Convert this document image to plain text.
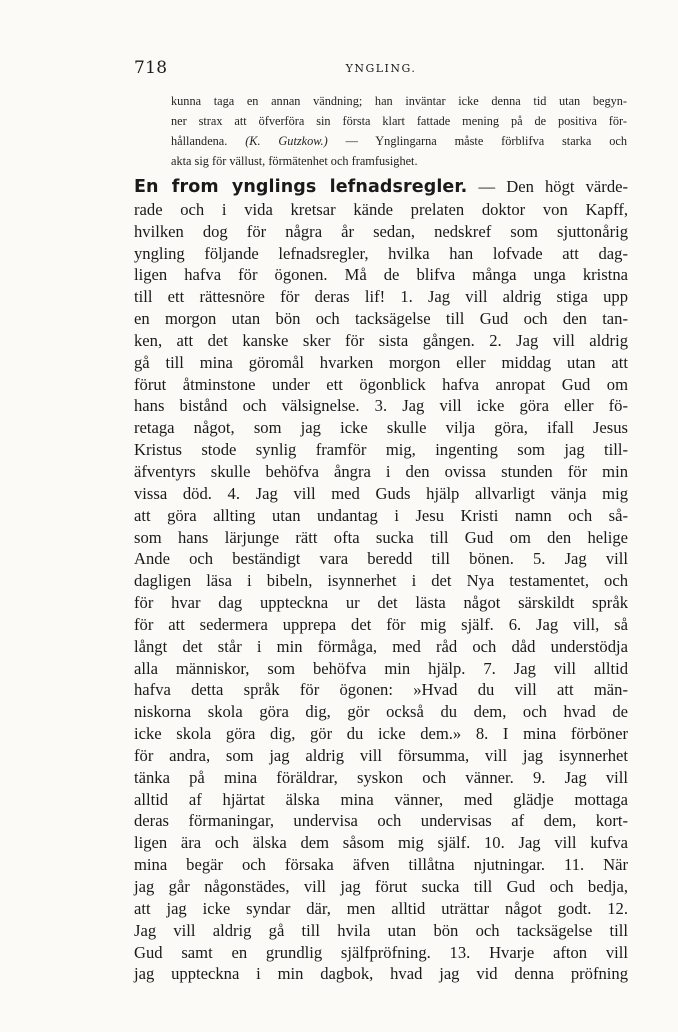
718	YNGLING.

kunna taga en annan vändning; han inväntar icke denna tid utan begyn-
ner strax att öfverföra sin första klart fattade mening på de positiva för-
hållandena. (K. Gutzkow.) — Ynglingarna måste förblifva starka och
akta sig för vällust, förmätenhet och framfusighet.

En from ynglings lefnadsregler. — Den högt värde-
rade och i vida kretsar kände prelaten doktor von Kapff,
hvilken dog för några år sedan, nedskref som sjuttonårig
yngling följande lefnadsregler, hvilka han lofvade att dag-
ligen hafva för ögonen. Må de blifva många unga kristna
till ett rättesnöre för deras lif! 1. Jag vill aldrig stiga upp
en morgon utan bön och tacksägelse till Gud och den tan-
ken, att det kanske sker för sista gången. 2. Jag vill aldrig
gå till mina göromål hvarken morgon eller middag utan att
förut åtminstone under ett ögonblick hafva anropat Gud om
hans bistånd och välsignelse. 3. Jag vill icke göra eller fö-
retaga något, som jag icke skulle vilja göra, ifall Jesus
Kristus stode synlig framför mig, ingenting som jag till-
äfventyrs skulle behöfva ångra i den ovissa stunden för min
vissa död. 4. Jag vill med Guds hjälp allvarligt vänja mig
att göra allting utan undantag i Jesu Kristi namn och så-
som hans lärjunge rätt ofta sucka till Gud om den helige
Ande och beständigt vara beredd till bönen. 5. Jag vill
dagligen läsa i bibeln, isynnerhet i det Nya testamentet, och
för hvar dag uppteckna ur det lästa något särskildt språk
för att sedermera upprepa det för mig själf. 6. Jag vill, så
långt det står i min förmåga, med råd och dåd understödja
alla människor, som behöfva min hjälp. 7. Jag vill alltid
hafva detta språk för ögonen: »Hvad du vill att män-
niskorna skola göra dig, gör också du dem, och hvad de
icke skola göra dig, gör du icke dem.» 8. I mina förböner
för andra, som jag aldrig vill försumma, vill jag isynnerhet
tänka på mina föräldrar, syskon och vänner. 9. Jag vill
alltid af hjärtat älska mina vänner, med glädje mottaga
deras förmaningar, undervisa och undervisas af dem, kort-
ligen ära och älska dem såsom mig själf. 10. Jag vill kufva
mina begär och försaka äfven tillåtna njutningar. 11. När
jag går någonstädes, vill jag förut sucka till Gud och bedja,
att jag icke syndar där, men alltid uträttar något godt. 12.
Jag vill aldrig gå till hvila utan bön och tacksägelse till
Gud samt en grundlig själfpröfning. 13. Hvarje afton vill
jag uppteckna i min dagbok, hvad jag vid denna pröfning
